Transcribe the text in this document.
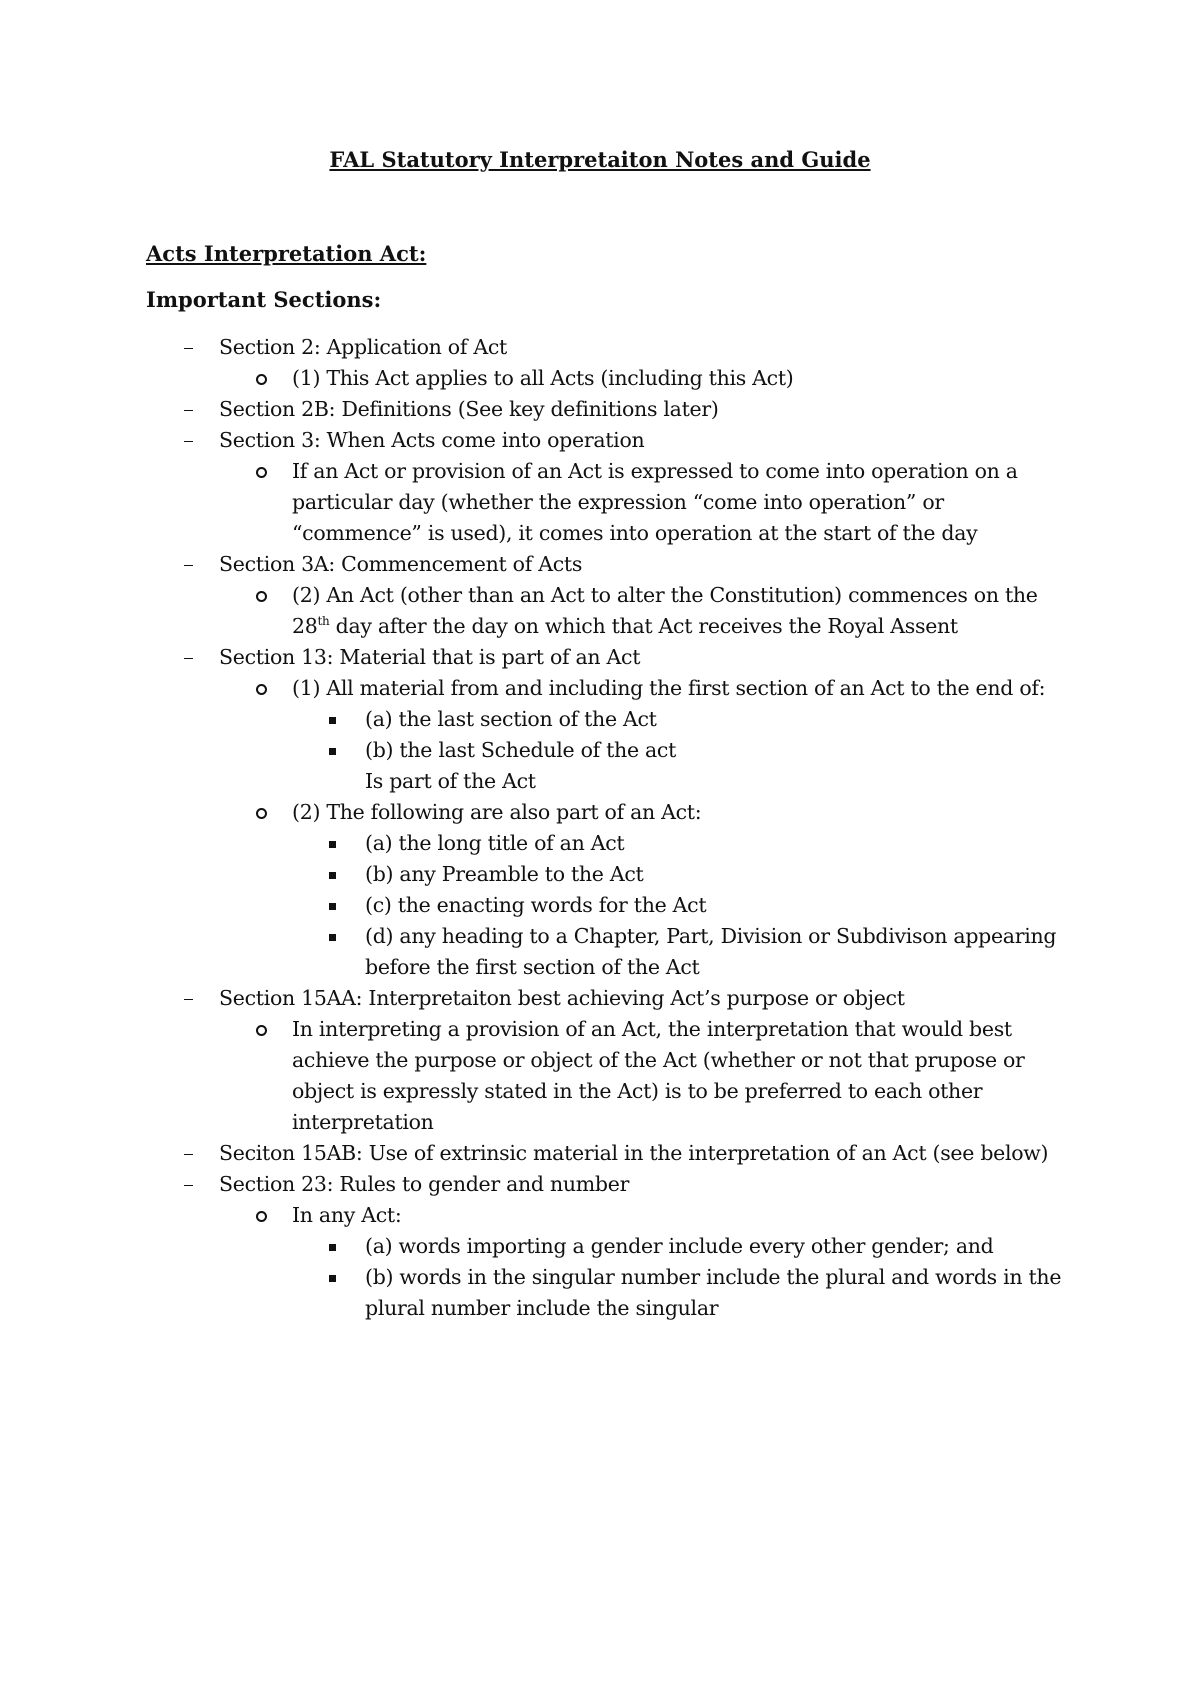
FAL Statutory Interpretaiton Notes and Guide
Acts Interpretation Act:
Important Sections:
Section 2: Application of Act
(1) This Act applies to all Acts (including this Act)
Section 2B: Definitions (See key definitions later)
Section 3: When Acts come into operation
If an Act or provision of an Act is expressed to come into operation on a particular day (whether the expression “come into operation” or “commence” is used), it comes into operation at the start of the day
Section 3A: Commencement of Acts
(2) An Act (other than an Act to alter the Constitution) commences on the 28th day after the day on which that Act receives the Royal Assent
Section 13: Material that is part of an Act
(1) All material from and including the first section of an Act to the end of:
(a) the last section of the Act
(b) the last Schedule of the act
Is part of the Act
(2) The following are also part of an Act:
(a) the long title of an Act
(b) any Preamble to the Act
(c) the enacting words for the Act
(d) any heading to a Chapter, Part, Division or Subdivison appearing before the first section of the Act
Section 15AA: Interpretaiton best achieving Act’s purpose or object
In interpreting a provision of an Act, the interpretation that would best achieve the purpose or object of the Act (whether or not that prupose or object is expressly stated in the Act) is to be preferred to each other interpretation
Seciton 15AB: Use of extrinsic material in the interpretation of an Act (see below)
Section 23: Rules to gender and number
In any Act:
(a) words importing a gender include every other gender; and
(b) words in the singular number include the plural and words in the plural number include the singular
